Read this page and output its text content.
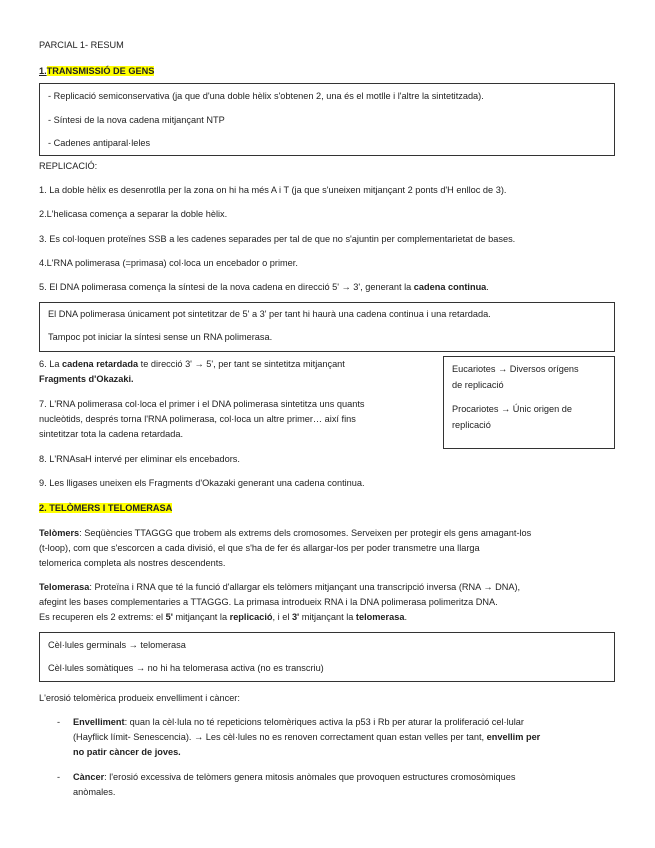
PARCIAL 1- RESUM
1.TRANSMISSIÓ DE GENS
- Replicació semiconservativa (ja que d'una doble hèlix s'obtenen 2, una és el motlle i l'altre la sintetitzada).
- Síntesi de la nova cadena mitjançant NTP
- Cadenes antiparal·leles
REPLICACIÓ:
1. La doble hèlix es desenrotlla per la zona on hi ha més A i T (ja que s'uneixen mitjançant 2 ponts d'H enlloc de 3).
2.L'helicasa comença a separar la doble hèlix.
3. Es col·loquen proteïnes SSB a les cadenes separades per tal de que no s'ajuntin per complementarietat de bases.
4.L'RNA polimerasa (=primasa) col·loca un encebador o primer.
5. El DNA polimerasa comença la síntesi de la nova cadena en direcció 5' → 3', generant la cadena continua.
El DNA polimerasa únicament pot sintetitzar de 5' a 3' per tant hi haurà una cadena continua i una retardada.
Tampoc pot iniciar la síntesi sense un RNA polimerasa.
6. La cadena retardada te direcció 3' → 5', per tant se sintetitza mitjançant
Fragments d'Okazaki.
7. L'RNA polimerasa col·loca el primer i el DNA polimerasa sintetitza uns quants
nucleòtids, després torna l'RNA polimerasa, col·loca un altre primer… així fins
sintetitzar tota la cadena retardada.
8. L'RNAsaH intervé per eliminar els encebadors.
9. Les lligases uneixen els Fragments d'Okazaki generant una cadena continua.
Eucariotes → Diversos orígens
de replicació
Procariotes → Únic origen de
replicació
2. TELÒMERS I TELOMERASA
Telòmers: Seqüències TTAGGG que trobem als extrems dels cromosomes. Serveixen per protegir els gens amagant-los
(t-loop), com que s'escorcen a cada divisió, el que s'ha de fer és allargar-los per poder transmetre una llarga
telomerica completa als nostres descendents.
Telomerasa: Proteïna i RNA que té la funció d'allargar els telòmers mitjançant una transcripció inversa (RNA → DNA),
afegint les bases complementaries a TTAGGG. La primasa introdueix RNA i la DNA polimerasa polimeritza DNA.
Es recuperen els 2 extrems: el 5' mitjançant la replicació, i el 3' mitjançant la telomerasa.
Cèl·lules germinals → telomerasa
Cèl·lules somàtiques → no hi ha telomerasa activa (no es transcriu)
L'erosió telomèrica produeix envelliment i càncer:
- Envelliment: quan la cèl·lula no té repeticions telomèriques activa la p53 i Rb per aturar la proliferació cel·lular
(Hayflick límit- Senescencia). → Les cèl·lules no es renoven correctament quan estan velles per tant, envellim per
no patir càncer de joves.
- Càncer: l'erosió excessiva de telòmers genera mitosis anòmales que provoquen estructures cromosòmiques
anòmales.
